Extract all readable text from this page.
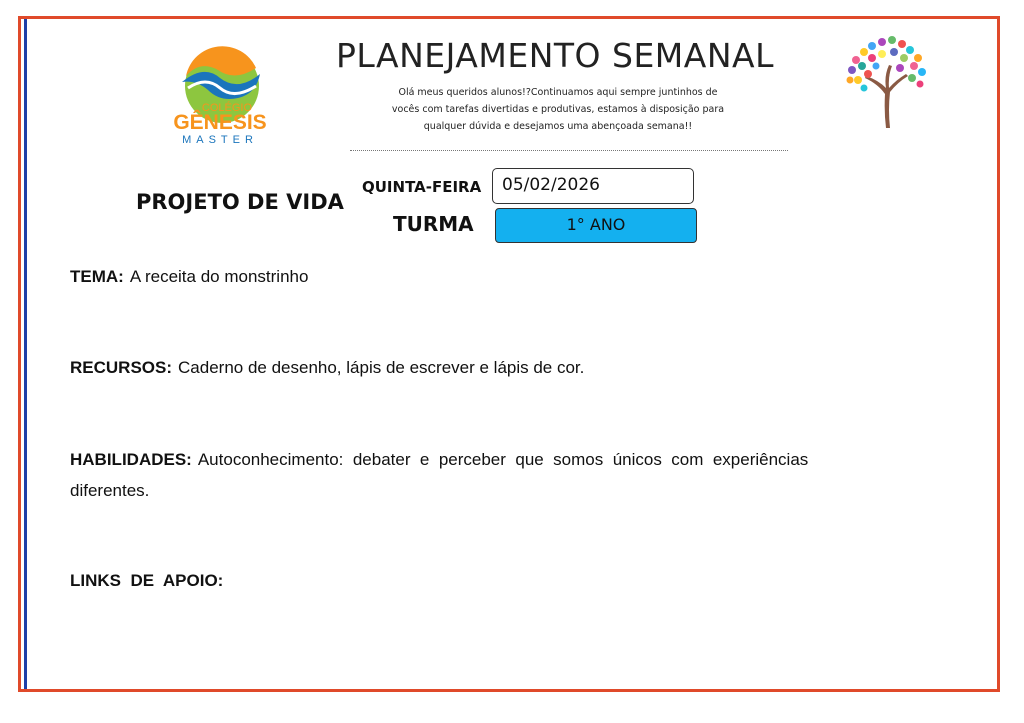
COLÉGIO
GÊNESIS
MASTER
PLANEJAMENTO SEMANAL
Olá meus queridos alunos!?Continuamos aqui sempre juntinhos de
vocês com tarefas divertidas e produtivas, estamos à disposição para
qualquer dúvida e desejamos uma abençoada semana!!
PROJETO DE VIDA
QUINTA-FEIRA	05/02/2026
TURMA	1° ANO
TEMA: A receita do monstrinho
RECURSOS: Caderno de desenho, lápis de escrever e lápis de cor.
HABILIDADES: Autoconhecimento:  debater  e  perceber  que  somos  únicos  com  experiências
diferentes.
LINKS  DE  APOIO:
